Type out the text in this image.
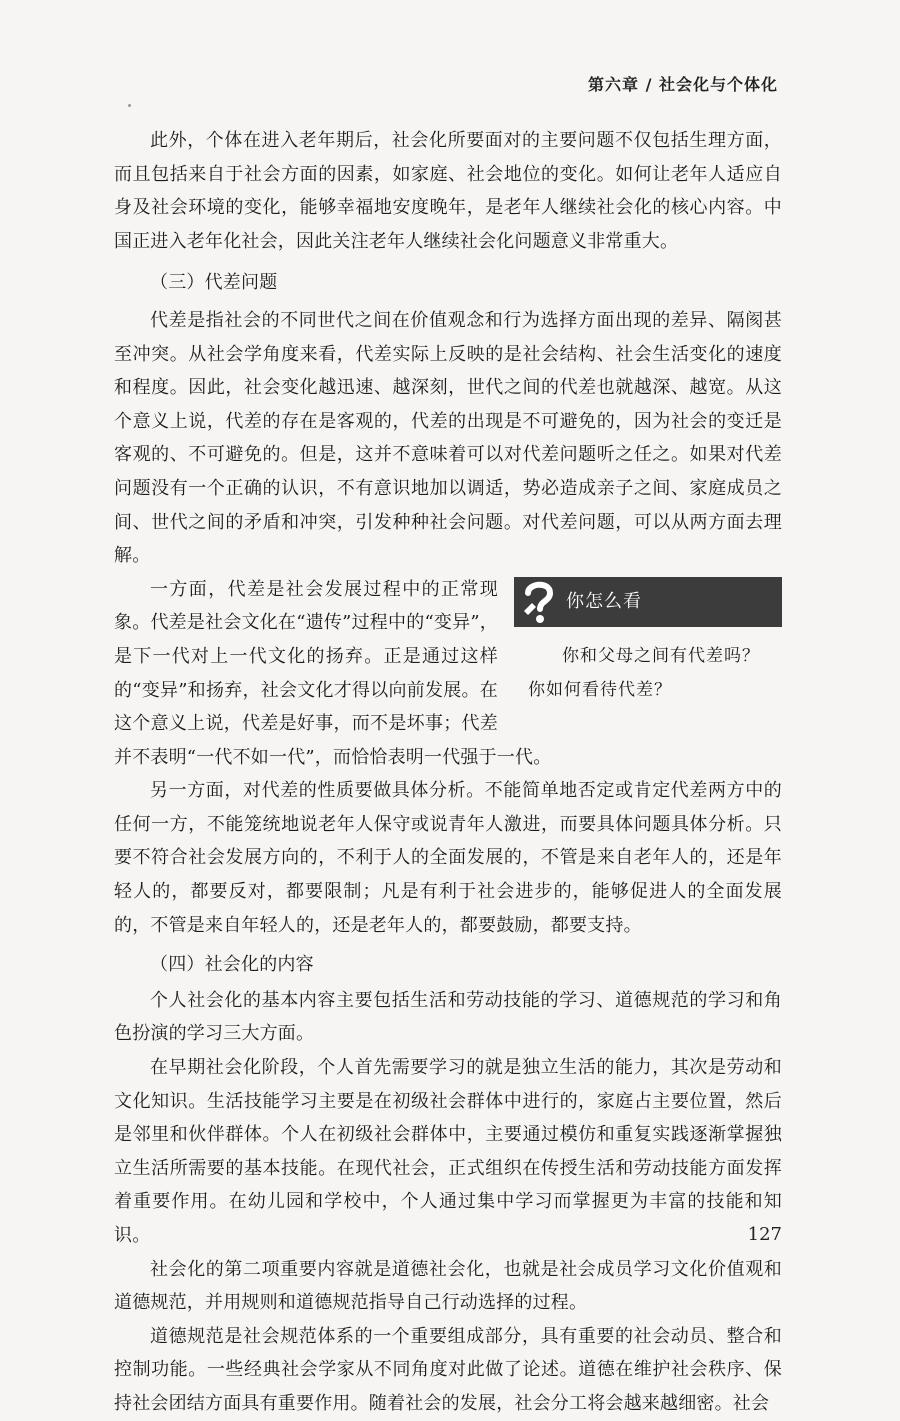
第六章 / 社会化与个体化

此外，个体在进入老年期后，社会化所要面对的主要问题不仅包括生理方面，而且包括来自于社会方面的因素，如家庭、社会地位的变化。如何让老年人适应自身及社会环境的变化，能够幸福地安度晚年，是老年人继续社会化的核心内容。中国正进入老年化社会，因此关注老年人继续社会化问题意义非常重大。

（三）代差问题

代差是指社会的不同世代之间在价值观念和行为选择方面出现的差异、隔阂甚至冲突。从社会学角度来看，代差实际上反映的是社会结构、社会生活变化的速度和程度。因此，社会变化越迅速、越深刻，世代之间的代差也就越深、越宽。从这个意义上说，代差的存在是客观的，代差的出现是不可避免的，因为社会的变迁是客观的、不可避免的。但是，这并不意味着可以对代差问题听之任之。如果对代差问题没有一个正确的认识，不有意识地加以调适，势必造成亲子之间、家庭成员之间、世代之间的矛盾和冲突，引发种种社会问题。对代差问题，可以从两方面去理解。

你怎么看
你和父母之间有代差吗？你如何看待代差？

一方面，代差是社会发展过程中的正常现象。代差是社会文化在“遗传”过程中的“变异”，是下一代对上一代文化的扬弃。正是通过这样的“变异”和扬弃，社会文化才得以向前发展。在这个意义上说，代差是好事，而不是坏事；代差并不表明“一代不如一代”，而恰恰表明一代强于一代。

另一方面，对代差的性质要做具体分析。不能简单地否定或肯定代差两方中的任何一方，不能笼统地说老年人保守或说青年人激进，而要具体问题具体分析。只要不符合社会发展方向的，不利于人的全面发展的，不管是来自老年人的，还是年轻人的，都要反对，都要限制；凡是有利于社会进步的，能够促进人的全面发展的，不管是来自年轻人的，还是老年人的，都要鼓励，都要支持。

（四）社会化的内容

个人社会化的基本内容主要包括生活和劳动技能的学习、道德规范的学习和角色扮演的学习三大方面。

在早期社会化阶段，个人首先需要学习的就是独立生活的能力，其次是劳动和文化知识。生活技能学习主要是在初级社会群体中进行的，家庭占主要位置，然后是邻里和伙伴群体。个人在初级社会群体中，主要通过模仿和重复实践逐渐掌握独立生活所需要的基本技能。在现代社会，正式组织在传授生活和劳动技能方面发挥着重要作用。在幼儿园和学校中，个人通过集中学习而掌握更为丰富的技能和知识。

社会化的第二项重要内容就是道德社会化，也就是社会成员学习文化价值观和道德规范，并用规则和道德规范指导自己行动选择的过程。

道德规范是社会规范体系的一个重要组成部分，具有重要的社会动员、整合和控制功能。一些经典社会学家从不同角度对此做了论述。道德在维护社会秩序、保持社会团结方面具有重要作用。随着社会的发展，社会分工将会越来越细密。社会

127
